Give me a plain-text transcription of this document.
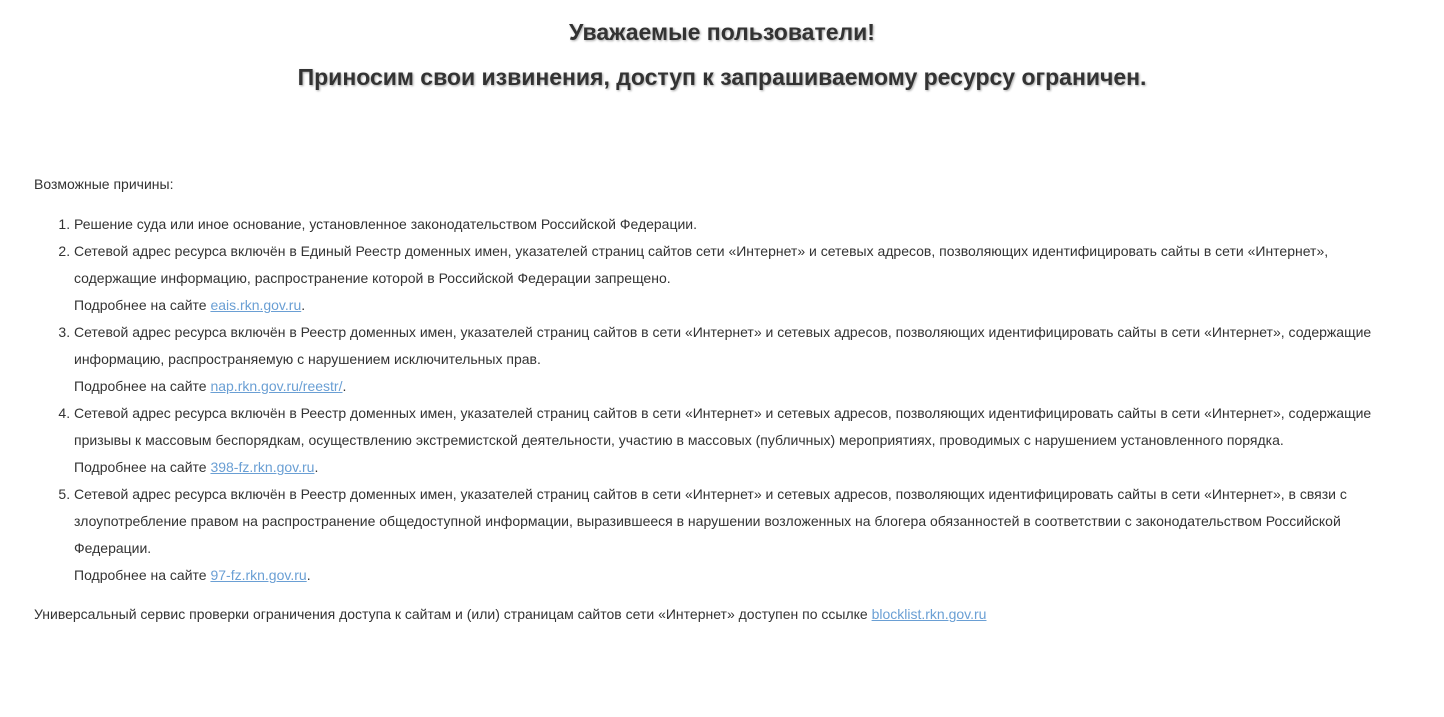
Уважаемые пользователи!
Приносим свои извинения, доступ к запрашиваемому ресурсу ограничен.
Возможные причины:
1. Решение суда или иное основание, установленное законодательством Российской Федерации.
2. Сетевой адрес ресурса включён в Единый Реестр доменных имен, указателей страниц сайтов сети «Интернет» и сетевых адресов, позволяющих идентифицировать сайты в сети «Интернет», содержащие информацию, распространение которой в Российской Федерации запрещено.
Подробнее на сайте eais.rkn.gov.ru.
3. Сетевой адрес ресурса включён в Реестр доменных имен, указателей страниц сайтов в сети «Интернет» и сетевых адресов, позволяющих идентифицировать сайты в сети «Интернет», содержащие информацию, распространяемую с нарушением исключительных прав.
Подробнее на сайте nap.rkn.gov.ru/reestr/.
4. Сетевой адрес ресурса включён в Реестр доменных имен, указателей страниц сайтов в сети «Интернет» и сетевых адресов, позволяющих идентифицировать сайты в сети «Интернет», содержащие призывы к массовым беспорядкам, осуществлению экстремистской деятельности, участию в массовых (публичных) мероприятиях, проводимых с нарушением установленного порядка.
Подробнее на сайте 398-fz.rkn.gov.ru.
5. Сетевой адрес ресурса включён в Реестр доменных имен, указателей страниц сайтов в сети «Интернет» и сетевых адресов, позволяющих идентифицировать сайты в сети «Интернет», в связи с злоупотребление правом на распространение общедоступной информации, выразившееся в нарушении возложенных на блогера обязанностей в соответствии с законодательством Российской Федерации.
Подробнее на сайте 97-fz.rkn.gov.ru.
Универсальный сервис проверки ограничения доступа к сайтам и (или) страницам сайтов сети «Интернет» доступен по ссылке blocklist.rkn.gov.ru
